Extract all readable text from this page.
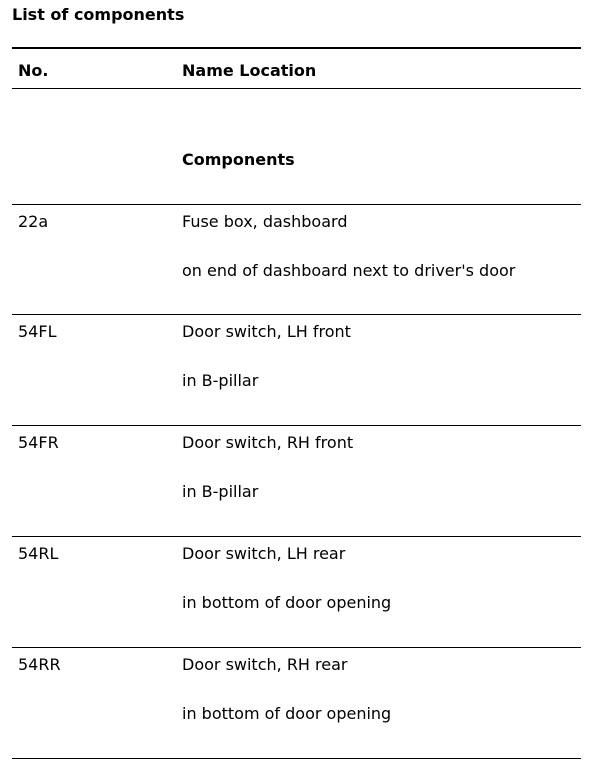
List of components
No.	Name Location
Components
22a	Fuse box, dashboard
on end of dashboard next to driver's door
54FL	Door switch, LH front
in B-pillar
54FR	Door switch, RH front
in B-pillar
54RL	Door switch, LH rear
in bottom of door opening
54RR	Door switch, RH rear
in bottom of door opening
